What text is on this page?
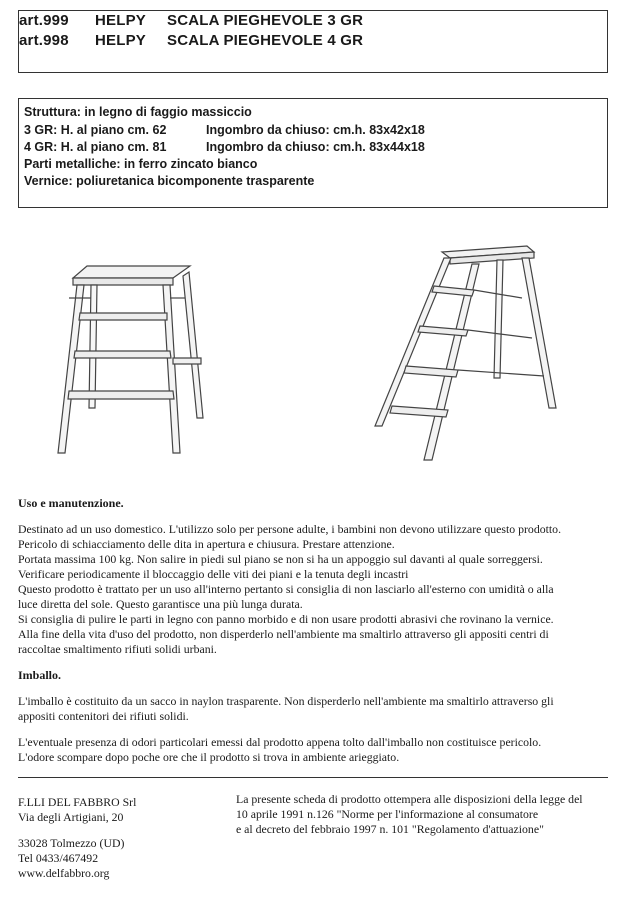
art.999 HELPY SCALA PIEGHEVOLE 3 GR
art.998 HELPY SCALA PIEGHEVOLE 4 GR
Struttura: in legno di faggio massiccio
3 GR: H. al piano cm. 62	Ingombro da chiuso: cm.h. 83x42x18
4 GR: H. al piano cm. 81	Ingombro da chiuso: cm.h. 83x44x18
Parti metalliche: in ferro zincato bianco
Vernice: poliuretanica bicomponente trasparente
Uso e manutenzione.
Destinato ad un uso domestico. L'utilizzo solo per persone adulte, i bambini non devono utilizzare questo prodotto.
Pericolo di schiacciamento delle dita in apertura e chiusura. Prestare attenzione.
Portata massima 100 kg. Non salire in piedi sul piano se non si ha un appoggio sul davanti al quale sorreggersi.
Verificare periodicamente il bloccaggio delle viti dei piani e la tenuta degli incastri
Questo prodotto è trattato per un uso all'interno pertanto si consiglia di non lasciarlo all'esterno con umidità o alla
luce diretta del sole. Questo garantisce una più lunga durata.
Si consiglia di pulire le parti in legno con panno morbido e di non usare prodotti abrasivi che rovinano la vernice.
Alla fine della vita d'uso del prodotto, non disperderlo nell'ambiente ma smaltirlo attraverso gli appositi centri di
raccoltae smaltimento rifiuti solidi urbani.
Imballo.
L'imballo è costituito da un sacco in naylon trasparente. Non disperderlo nell'ambiente ma smaltirlo attraverso gli
appositi contenitori dei rifiuti solidi.
L'eventuale presenza di odori particolari emessi dal prodotto appena tolto dall'imballo non costituisce pericolo.
L'odore scompare dopo poche ore che il prodotto si trova in ambiente arieggiato.
F.LLI DEL FABBRO Srl
Via degli Artigiani, 20
33028 Tolmezzo (UD)
Tel 0433/467492
www.delfabbro.org
La presente scheda di prodotto ottempera alle disposizioni della legge del
10 aprile 1991 n.126 "Norme per l'informazione al consumatore
e al decreto del febbraio 1997 n. 101 "Regolamento d'attuazione"
